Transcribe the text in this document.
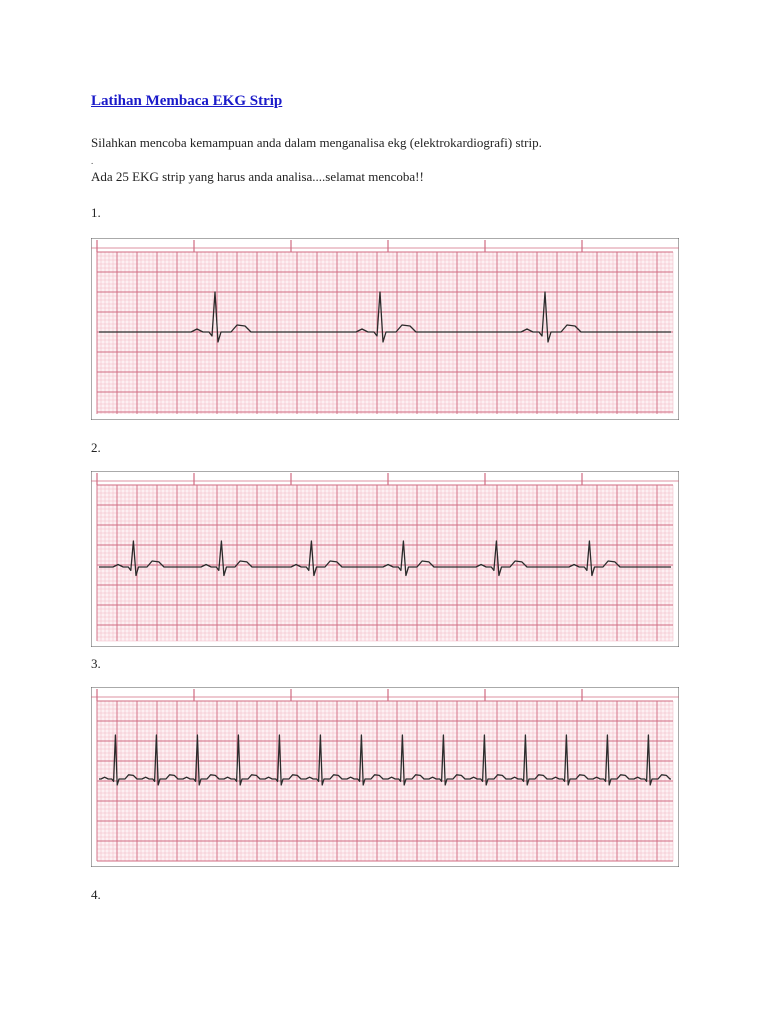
Latihan Membaca EKG Strip
Silahkan mencoba kemampuan anda dalam menganalisa ekg (elektrokardiografi) strip.
.
Ada 25 EKG strip yang harus anda analisa....selamat mencoba!!
1.
2.
3.
4.
